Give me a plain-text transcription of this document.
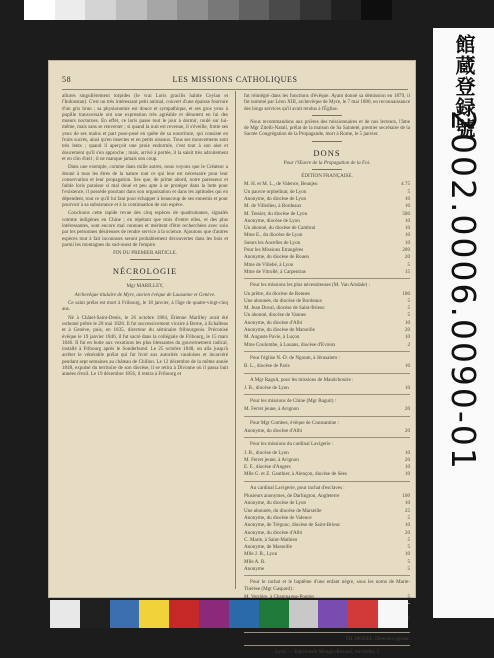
館蔵登録號
2002.0006.0090-01
58	LES MISSIONS CATHOLIQUES

allures singulièrement torpides (le vrai Loris gracilis habite Ceylan et l'Indoustan). C'est un très intéressant petit animal, couvert d'une épaisse fourrure d'un gris brun ; sa physionomie est douce et sympathique, et ses gros yeux à pupille transversale ont une expression très agréable et dénotent en lui des mœurs nocturnes. En effet, ce loris passe tout le jour à dormir, roulé sur lui-même, mais sans se renverser ; si quand la nuit est revenue, il s'éveille, frotte ses yeux de ses mains et part pose-posé en quête de sa nourriture, qui consiste en fruits sucrés, ainsi qu'en insectes et en petits oiseaux. Tous ses mouvements sont très lents ; quand il aperçoit une proie endormie, c'est tout à son aise et doucement qu'il s'en approche ; mais, arrivé à portée, il la saisit très adroitement et en clin d'œil ; il ne manque jamais son coup.

Dans une exemple, comme dans mille autres, nous voyons que le Créateur a donné à tous les êtres de la nature tout ce qui leur est nécessaire pour leur conservation et leur propagation. Ses que, de prime abord, notre paresseux et faible loris paraisse si mal doué et peu apte à se protéger dans la lutte pour l'existence, il possède pourtant dans son organisation et dans les aptitudes qui en dépendent, tout ce qu'il lui faut pour échapper à beaucoup de ses ennemis et pour pourvoir à sa subsistance et à la continuation de son espèce.

Concluons cette rapide revue des cinq espèces de quadrumanes, signalés comme indigènes en Chine ; en répétant que trois d'entre elles, et des plus intéressantes, sont encore mal connues et méritent d'être recherchées avec soin par les personnes désireuses de rendre service à la science. Ajoutons que d'autres espèces tout à fait inconnues seront probablement découvertes dans les bois et parmi les montagnes du sud-ouest de l'empire.

FIN DU PREMIER ARTICLE.

NÉCROLOGIE

Mgr MARILLEY,

Archevêque titulaire de Myre, ancien évêque de Lausanne et Genève.

Ce saint prélat est mort à Fribourg, le 18 janvier, à l'âge de quatre-vingt-cinq ans.

Né à Châtel-Saint-Denis, le 26 octobre 1804, Étienne Marilley avait été ordonné prêtre le 20 mai 1828. Il fut successivement vicaire à Berne, à Echallens et à Genève, puis, en 1835, directeur du séminaire fribourgeois. Préconisé évêque le 19 janvier 1846, il fut sacré dans la collégiale de Fribourg, le 15 mars 1846. Il fut en butte aux vexations les plus blessantes du gouvernement radical, installé à Fribourg après le Sonderbund. Le 25 octobre 1848, on alla jusqu'à arrêter le vénérable prélat qui fut livré aux autorités vaudoises et incarcéré pendant sept semaines au château de Chillon. Le 12 décembre de la même année 1848, expulsé du territoire de son diocèse, il se retira à Divonne où il passa huit années d'exil. Le 19 décembre 1856, il rentra à Fribourg et

fut réintégré dans les fonctions d'évêque. Ayant donné sa démission en 1879, il fut nommé par Léon XIII, archevêque de Myre, le 7 mai 1880, en reconnaissance des longs services qu'il avait rendus à l'Église.

Nous recommandons aux prières des missionnaires et de nos lecteurs, l'âme de Mgr Zitelli-Natali, prélat de la maison de Sa Sainteté, premier secrétaire de la Sacrée Congrégation de la Propagande, mort à Rome, le 5 janvier.

DONS

Pour l'Œuvre de la Propagation de la Foi.

ÉDITION FRANÇAISE.

M. H. et M. L., de Valence, Beaujeu	4 75
Un pauvre orphelinat, de Lyon	5
Anonyme, du diocèse de Lyon	10
M. de Villedieu, à Bordeaux	10
M. Tessier, du diocèse de Lyon	500
Anonyme, diocèse de Lyon	10
Un abonné, du diocèse de Cambrai	10
Mme E., du diocèse de Lyon	10
Sœurs les Ancelles de Lyon	10
Pour les Missions Étrangères	200
Anonyme, du diocèse de Rouen	20
Mme de Villebé, à Lyon	5
Mme de Vitrollé, à Carpentras	15

Pour les missions les plus nécessiteuses (M. Van Arsdale) :

Un prêtre, du diocèse de Rennes	100
Une abonnée, du diocèse de Bordeaux	5
M. Jean Duval, diocèse de Saint-Brieuc	5
Un abonné, diocèse de Vannes	5
Anonyme, du diocèse d'Albi	10
Anonyme, du diocèse de Marseille	20
M. Auguste Pavie, à Luçon	10
Mme Coulombe, à Louans, diocèse d'Évreux	2

Pour l'église N.-D. de Ngoum, à Jérusalem :

B. L., diocèse de Paris	10

A Mgr Raguit, pour les missions de Mandchourie :

J. B., diocèse de Lyon	10

Pour les missions de Chine (Mgr Raguit) :

M. Ferret jeune, à Avignon	20

Pour Mgr Combes, évêque de Constantine :

Anonyme, du diocèse d'Albi	20

Pour les missions du cardinal Lavigerie :

J. B., diocèse de Lyon	10
M. Ferret jeune, à Avignon	20
E. F., diocèse d'Angers	10
Mlle G. et Z. Gauthier, à Alençon, diocèse de Sées	10

Au cardinal Lavigerie, pour rachat d'esclaves :

Plusieurs anonymes, de Darlington, Angleterre	100
Anonyme, du diocèse de Lyon	10
Une abonnée, du diocèse de Marseille	25
Anonyme, du diocèse de Valence	5
Anonyme, de Trégunc, diocèse de Saint-Brieuc	10
Anonyme, du diocèse d'Albi	20
C. Marie, à Saint-Mathieu	5
Anonyme, de Marseille	5
Mlle J. B., Lyon	10
Mlle A. R.	5
Anonyme	5

Pour le rachat et le baptême d'une enfant nègre, sous les noms de Marie-Thérèse (Mgr Gaspard) :

M. Verrière, à Champagne-Pontier	5

5

TH. MOREL, Directeur-gérant.

Lyon. — Imprimerie Mougin-Rusand, rue Stella, 3
